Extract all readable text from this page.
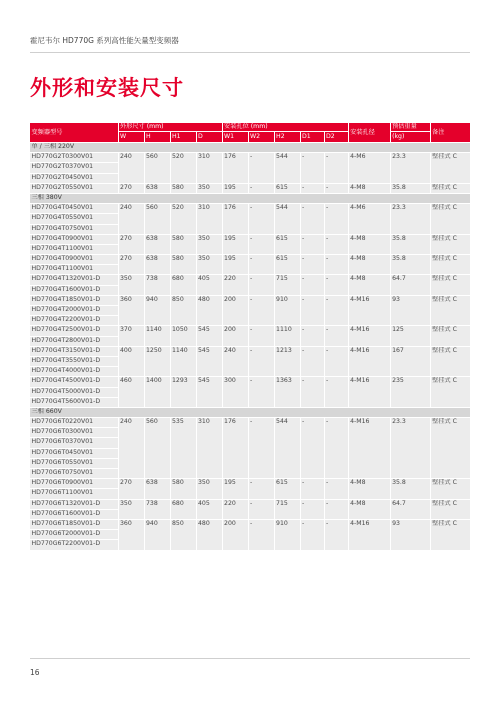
霍尼韦尔 HD770G 系列高性能矢量型变频器
外形和安装尺寸
变频器型号	外形尺寸 (mm)				安装孔位 (mm)					安装孔径	预估重量	备注
	W	H	H1	D	W1	W2	H2	D1	D2		(kg)	
单 / 三相 220V												
HD770G2T0300V01	240	560	520	310	176	-	544	-	-	4-M6	23.3	壁挂式 C
HD770G2T0370V01												
HD770G2T0450V01												
HD770G2T0550V01	270	638	580	350	195	-	615	-	-	4-M8	35.8	壁挂式 C
三相 380V												
HD770G4T0450V01	240	560	520	310	176	-	544	-	-	4-M6	23.3	壁挂式 C
HD770G4T0550V01												
HD770G4T0750V01												
HD770G4T0900V01	270	638	580	350	195	-	615	-	-	4-M8	35.8	壁挂式 C
HD770G4T1100V01												
HD770G4T0900V01	270	638	580	350	195	-	615	-	-	4-M8	35.8	壁挂式 C
HD770G4T1100V01												
HD770G4T1320V01-D	350	738	680	405	220	-	715	-	-	4-M8	64.7	壁挂式 C
HD770G4T1600V01-D												
HD770G4T1850V01-D	360	940	850	480	200	-	910	-	-	4-M16	93	壁挂式 C
HD770G4T2000V01-D												
HD770G4T2200V01-D												
HD770G4T2500V01-D	370	1140	1050	545	200	-	1110	-	-	4-M16	125	壁挂式 C
HD770G4T2800V01-D												
HD770G4T3150V01-D	400	1250	1140	545	240	-	1213	-	-	4-M16	167	壁挂式 C
HD770G4T3550V01-D												
HD770G4T4000V01-D												
HD770G4T4500V01-D	460	1400	1293	545	300	-	1363	-	-	4-M16	235	壁挂式 C
HD770G4T5000V01-D												
HD770G4T5600V01-D												
三相 660V												
HD770G6T0220V01	240	560	535	310	176	-	544	-	-	4-M16	23.3	壁挂式 C
HD770G6T0300V01												
HD770G6T0370V01												
HD770G6T0450V01												
HD770G6T0550V01												
HD770G6T0750V01												
HD770G6T0900V01	270	638	580	350	195	-	615	-	-	4-M8	35.8	壁挂式 C
HD770G6T1100V01												
HD770G6T1320V01-D	350	738	680	405	220	-	715	-	-	4-M8	64.7	壁挂式 C
HD770G6T1600V01-D												
HD770G6T1850V01-D	360	940	850	480	200	-	910	-	-	4-M16	93	壁挂式 C
HD770G6T2000V01-D												
HD770G6T2200V01-D												
16
